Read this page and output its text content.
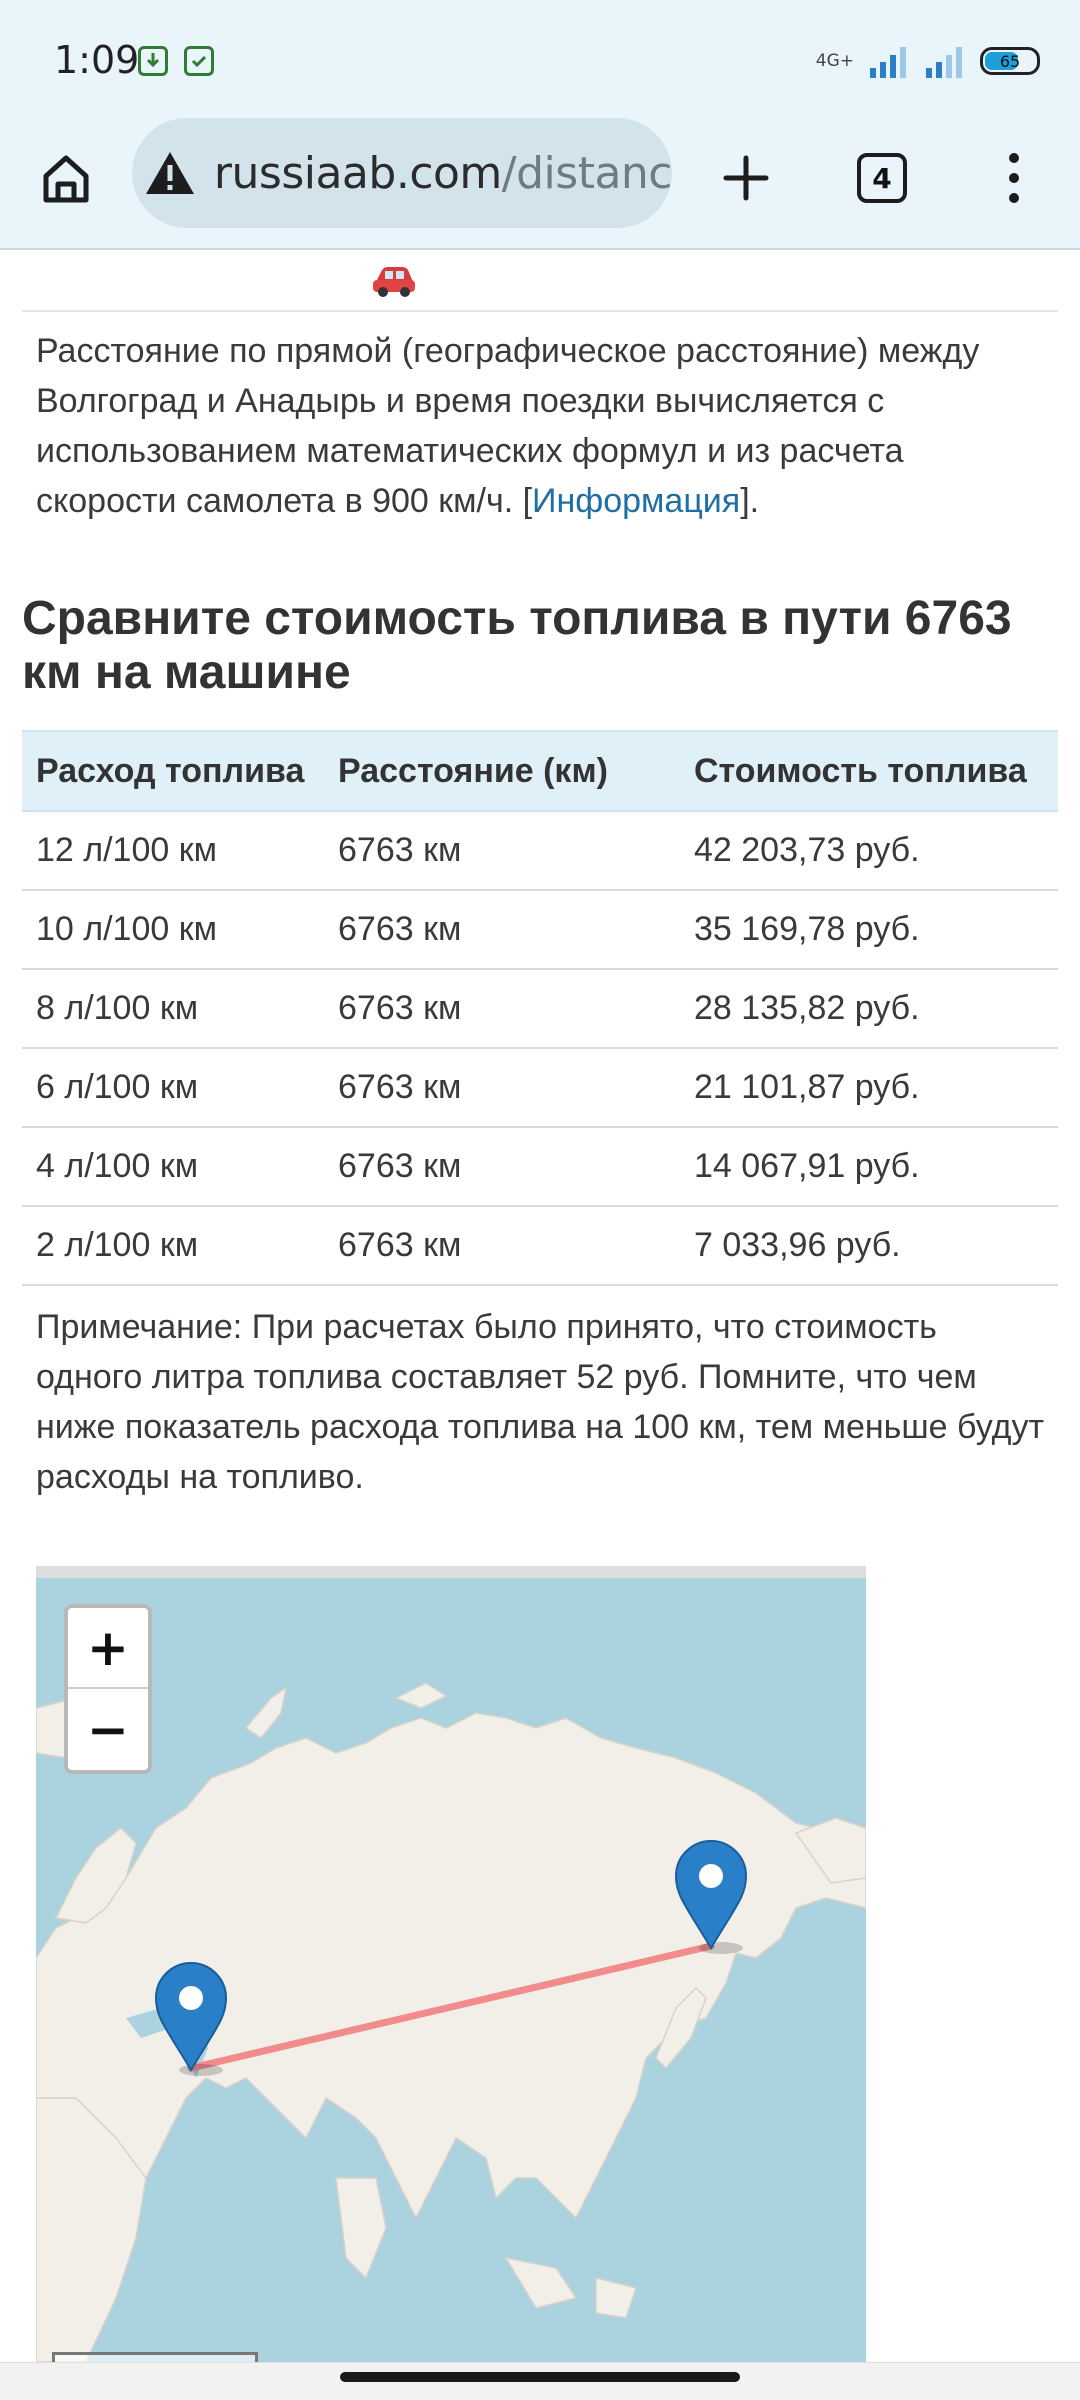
1:09	4G+	65
russiaab.com/distanc	4

Расстояние по прямой (географическое расстояние) между Волгоград и Анадырь и время поездки вычисляется с использованием математических формул и из расчета скорости самолета в 900 км/ч. [Информация].

Сравните стоимость топлива в пути 6763 км на машине
Расход топлива	Расстояние (км)	Стоимость топлива
12 л/100 км	6763 км	42 203,73 руб.
10 л/100 км	6763 км	35 169,78 руб.
8 л/100 км	6763 км	28 135,82 руб.
6 л/100 км	6763 км	21 101,87 руб.
4 л/100 км	6763 км	14 067,91 руб.
2 л/100 км	6763 км	7 033,96 руб.

Примечание: При расчетах было принято, что стоимость одного литра топлива составляет 52 руб. Помните, что чем ниже показатель расхода топлива на 100 км, тем меньше будут расходы на топливо.

+
−
